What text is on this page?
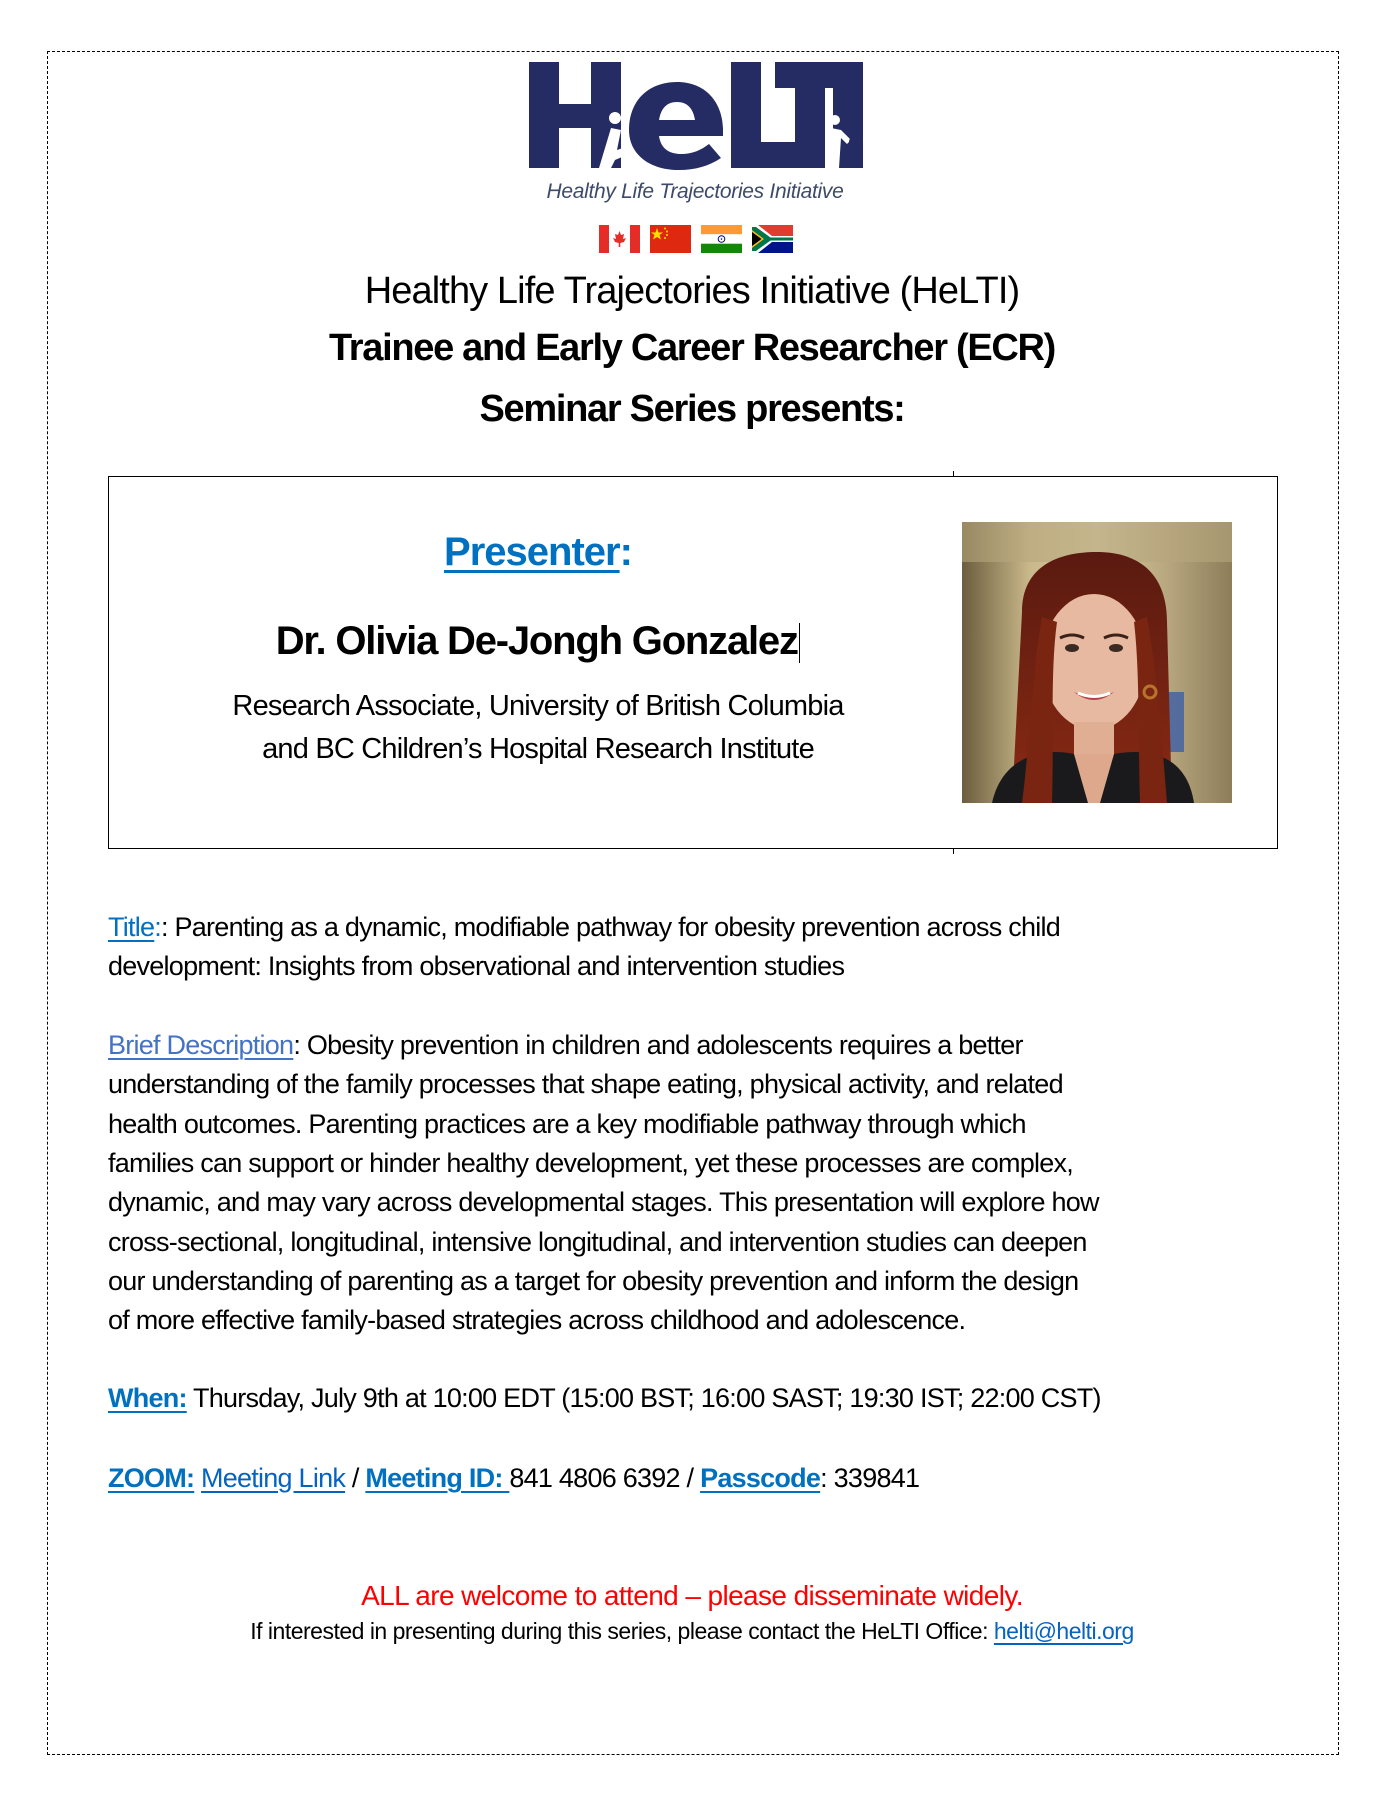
Healthy Life Trajectories Initiative
Healthy Life Trajectories Initiative (HeLTI)
Trainee and Early Career Researcher (ECR)
Seminar Series presents:
Presenter:
Dr. Olivia De-Jongh Gonzalez
Research Associate, University of British Columbia
and BC Children’s Hospital Research Institute
Title:: Parenting as a dynamic, modifiable pathway for obesity prevention across child
development: Insights from observational and intervention studies
Brief Description: Obesity prevention in children and adolescents requires a better
understanding of the family processes that shape eating, physical activity, and related
health outcomes. Parenting practices are a key modifiable pathway through which
families can support or hinder healthy development, yet these processes are complex,
dynamic, and may vary across developmental stages. This presentation will explore how
cross-sectional, longitudinal, intensive longitudinal, and intervention studies can deepen
our understanding of parenting as a target for obesity prevention and inform the design
of more effective family-based strategies across childhood and adolescence.
When: Thursday, July 9th at 10:00 EDT (15:00 BST; 16:00 SAST; 19:30 IST; 22:00 CST)
ZOOM: Meeting Link / Meeting ID: 841 4806 6392 / Passcode: 339841
ALL are welcome to attend – please disseminate widely.
If interested in presenting during this series, please contact the HeLTI Office: helti@helti.org
